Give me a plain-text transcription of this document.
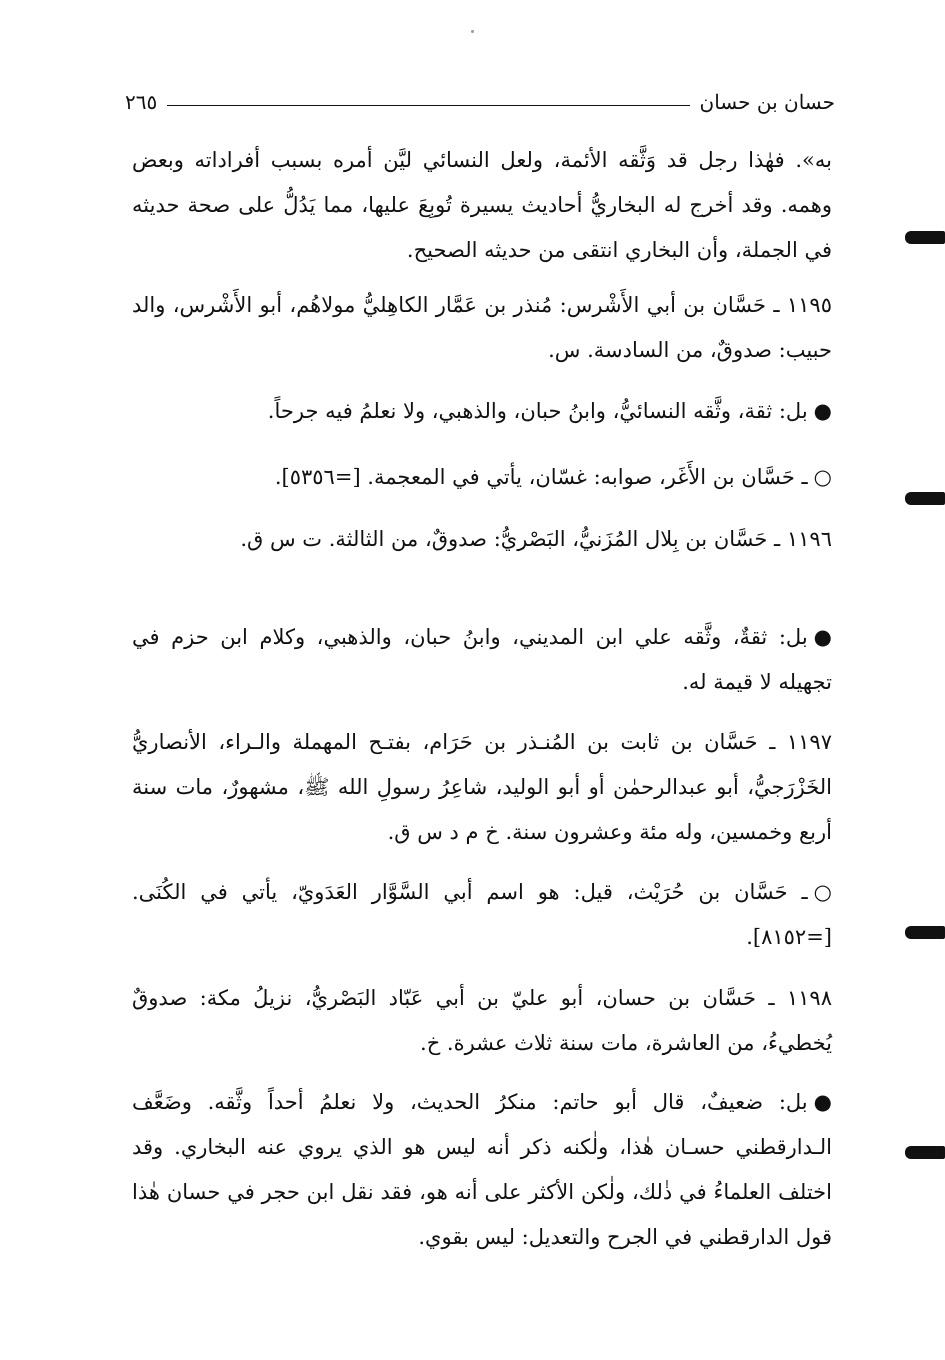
حسان بن حسان
٢٦٥
به». فهٰذا رجل قد وَثَّقه الأئمة، ولعل النسائي ليَّن أمره بسبب أفراداته وبعض وهمه. وقد أخرج له البخاريُّ أحاديث يسيرة تُوبِعَ عليها، مما يَدُلُّ على صحة حديثه في الجملة، وأن البخاري انتقى من حديثه الصحيح.
١١٩٥ ـ حَسَّان بن أبي الأَشْرس: مُنذر بن عَمَّار الكاهِليُّ مولاهُم، أبو الأَشْرس، والد حبيب: صدوقٌ، من السادسة. س.
●بل: ثقة، وثَّقه النسائيُّ، وابنُ حبان، والذهبي، ولا نعلمُ فيه جرحاً.
○ـ حَسَّان بن الأَغَر، صوابه: غسّان، يأتي في المعجمة. [=٥٣٥٦].
١١٩٦ ـ حَسَّان بن بِلال المُزَنيُّ، البَصْريُّ: صدوقٌ، من الثالثة. ت س ق.
●بل: ثقةٌ، وثَّقه علي ابن المديني، وابنُ حبان، والذهبي، وكلام ابن حزم في تجهيله لا قيمة له.
١١٩٧ ـ حَسَّان بن ثابت بن المُنـذر بن حَرَام، بفتـح المهملة والـراء، الأنصاريُّ الخَزْرَجيُّ، أبو عبدالرحمٰن أو أبو الوليد، شاعِرُ رسولِ الله ﷺ، مشهورٌ، مات سنة أربع وخمسين، وله مئة وعشرون سنة. خ م د س ق.
○ـ حَسَّان بن حُرَيْث، قيل: هو اسم أبي السَّوَّار العَدَويّ، يأتي في الكُنَى. [=٨١٥٢].
١١٩٨ ـ حَسَّان بن حسان، أبو عليّ بن أبي عَبّاد البَصْريُّ، نزيلُ مكة: صدوقٌ يُخطيءُ، من العاشرة، مات سنة ثلاث عشرة. خ.
●بل: ضعيفٌ، قال أبو حاتم: منكرُ الحديث، ولا نعلمُ أحداً وثَّقه. وضَعَّف الـدارقطني حسـان هٰذا، ولٰكنه ذكر أنه ليس هو الذي يروي عنه البخاري. وقد اختلف العلماءُ في ذٰلك، ولٰكن الأكثر على أنه هو، فقد نقل ابن حجر في حسان هٰذا قول الدارقطني في الجرح والتعديل: ليس بقوي.
